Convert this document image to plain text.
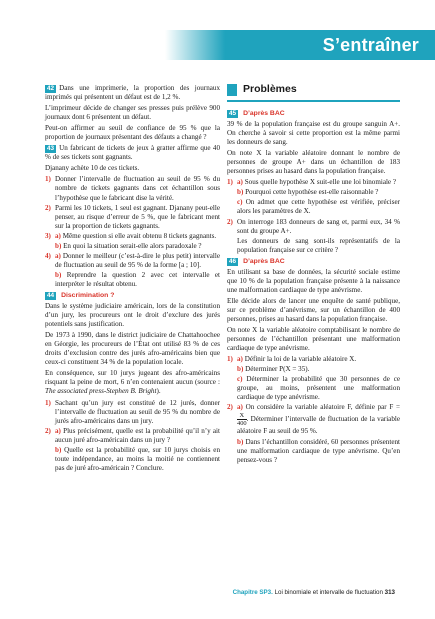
S’entraîner

42 Dans une imprimerie, la proportion des journaux imprimés qui présentent un défaut est de 1,2 %.

L’imprimeur décide de changer ses presses puis prélève 900 journaux dont 6 présentent un défaut.

Peut-on affirmer au seuil de confiance de 95 % que la proportion de journaux présentant des défauts a changé ?

43 Un fabricant de tickets de jeux à gratter affirme que 40 % de ses tickets sont gagnants.

Djanany achète 10 de ces tickets.

1) Donner l’intervalle de fluctuation au seuil de 95 % du nombre de tickets gagnants dans cet échantillon sous l’hypothèse que le fabricant dise la vérité.
2) Parmi les 10 tickets, 1 seul est gagnant. Djanany peut-elle penser, au risque d’erreur de 5 %, que le fabricant ment sur la proportion de tickets gagnants.
3) a) Même question si elle avait obtenu 8 tickets gagnants.
b) En quoi la situation serait-elle alors paradoxale ?
4) a) Donner le meilleur (c’est-à-dire le plus petit) intervalle de fluctuation au seuil de 95 % de la forme [a ; 10].
b) Reprendre la question 2 avec cet intervalle et interpréter le résultat obtenu.

44 Discrimination ?

Dans le système judiciaire américain, lors de la constitution d’un jury, les procureurs ont le droit d’exclure des jurés potentiels sans justification.

De 1973 à 1990, dans le district judiciaire de Chattahoochee en Géorgie, les procureurs de l’État ont utilisé 83 % de ces droits d’exclusion contre des jurés afro-américains bien que ceux-ci constituent 34 % de la population locale.

En conséquence, sur 10 jurys jugeant des afro-américains risquant la peine de mort, 6 n’en contenaient aucun (source : The associated press-Stephen B. Bright).

1) Sachant qu’un jury est constitué de 12 jurés, donner l’intervalle de fluctuation au seuil de 95 % du nombre de jurés afro-américains dans un jury.
2) a) Plus précisément, quelle est la probabilité qu’il n’y ait aucun juré afro-américain dans un jury ?
b) Quelle est la probabilité que, sur 10 jurys choisis en toute indépendance, au moins la moitié ne contiennent pas de juré afro-américain ? Conclure.
Problèmes

45 D’après BAC

39 % de la population française est du groupe sanguin A+. On cherche à savoir si cette proportion est la même parmi les donneurs de sang.

On note X la variable aléatoire donnant le nombre de personnes de groupe A+ dans un échantillon de 183 personnes prises au hasard dans la population française.

1) a) Sous quelle hypothèse X suit-elle une loi binomiale ?
b) Pourquoi cette hypothèse est-elle raisonnable ?
c) On admet que cette hypothèse est vérifiée, préciser alors les paramètres de X.
2) On interroge 183 donneurs de sang et, parmi eux, 34 % sont du groupe A+.
Les donneurs de sang sont-ils représentatifs de la population française sur ce critère ?

46 D’après BAC

En utilisant sa base de données, la sécurité sociale estime que 10 % de la population française présente à la naissance une malformation cardiaque de type anévrisme.

Elle décide alors de lancer une enquête de santé publique, sur ce problème d’anévrisme, sur un échantillon de 400 personnes, prises au hasard dans la population française.

On note X la variable aléatoire comptabilisant le nombre de personnes de l’échantillon présentant une malformation cardiaque de type anévrisme.

1) a) Définir la loi de la variable aléatoire X.
b) Déterminer P(X = 35).
c) Déterminer la probabilité que 30 personnes de ce groupe, au moins, présentent une malformation cardiaque de type anévrisme.
2) a) On considère la variable aléatoire F, définie par F =
$\frac{X}{400}$ . Déterminer l’intervalle de fluctuation de la variable aléatoire F au seuil de 95 %.
b) Dans l’échantillon considéré, 60 personnes présentent une malformation cardiaque de type anévrisme. Qu’en pensez-vous ?
Chapitre SP3. Loi binomiale et intervalle de fluctuation 313
